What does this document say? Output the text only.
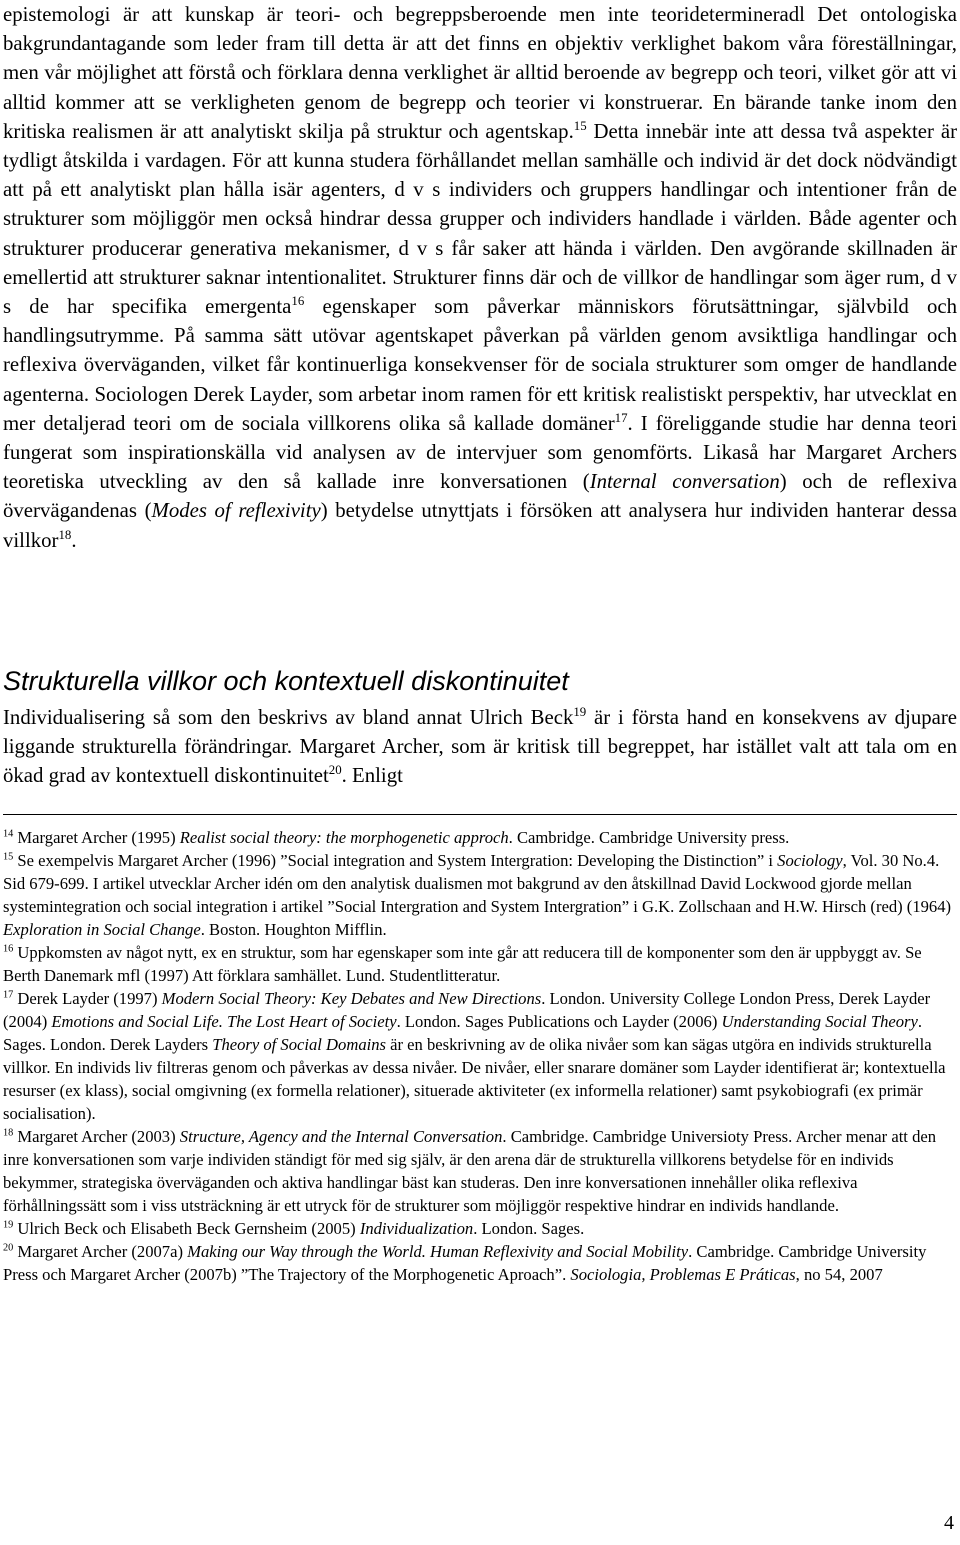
epistemologi är att kunskap är teori- och begreppsberoende men inte teoridetermineradl Det ontologiska bakgrundantagande som leder fram till detta är att det finns en objektiv verklighet bakom våra föreställningar, men vår möjlighet att förstå och förklara denna verklighet är alltid beroende av begrepp och teori, vilket gör att vi alltid kommer att se verkligheten genom de begrepp och teorier vi konstruerar. En bärande tanke inom den kritiska realismen är att analytiskt skilja på struktur och agentskap.$^{15}$ Detta innebär inte att dessa två aspekter är tydligt åtskilda i vardagen. För att kunna studera förhållandet mellan samhälle och individ är det dock nödvändigt att på ett analytiskt plan hålla isär agenters, d v s individers och gruppers handlingar och intentioner från de strukturer som möjliggör men också hindrar dessa grupper och individers handlade i världen. Både agenter och strukturer producerar generativa mekanismer, d v s får saker att hända i världen. Den avgörande skillnaden är emellertid att strukturer saknar intentionalitet. Strukturer finns där och de villkor de handlingar som äger rum, d v s de har specifika emergenta$^{16}$ egenskaper som påverkar människors förutsättningar, självbild och handlingsutrymme. På samma sätt utövar agentskapet påverkan på världen genom avsiktliga handlingar och reflexiva överväganden, vilket får kontinuerliga konsekvenser för de sociala strukturer som omger de handlande agenterna. Sociologen Derek Layder, som arbetar inom ramen för ett kritisk realistiskt perspektiv, har utvecklat en mer detaljerad teori om de sociala villkorens olika så kallade domäner$^{17}$. I föreliggande studie har denna teori fungerat som inspirationskälla vid analysen av de intervjuer som genomförts. Likaså har Margaret Archers teoretiska utveckling av den så kallade inre konversationen (Internal conversation) och de reflexiva övervägandenas (Modes of reflexivity) betydelse utnyttjats i försöken att analysera hur individen hanterar dessa villkor$^{18}$.

Strukturella villkor och kontextuell diskontinuitet

Individualisering så som den beskrivs av bland annat Ulrich Beck$^{19}$ är i första hand en konsekvens av djupare liggande strukturella förändringar. Margaret Archer, som är kritisk till begreppet, har istället valt att tala om en ökad grad av kontextuell diskontinuitet$^{20}$. Enligt

$^{14}$ Margaret Archer (1995) Realist social theory: the morphogenetic approch. Cambridge. Cambridge University press.

$^{15}$ Se exempelvis Margaret Archer (1996) ”Social integration and System Intergration: Developing the Distinction” i Sociology, Vol. 30 No.4. Sid 679-699. I artikel utvecklar Archer idén om den analytisk dualismen mot bakgrund av den åtskillnad David Lockwood gjorde mellan systemintegration och social integration i artikel ”Social Intergration and System Intergration” i G.K. Zollschaan and H.W. Hirsch (red) (1964) Exploration in Social Change. Boston. Houghton Mifflin.

$^{16}$ Uppkomsten av något nytt, ex en struktur, som har egenskaper som inte går att reducera till de komponenter som den är uppbyggt av. Se Berth Danemark mfl (1997) Att förklara samhället. Lund. Studentlitteratur.

$^{17}$ Derek Layder (1997) Modern Social Theory: Key Debates and New Directions. London. University College London Press, Derek Layder (2004) Emotions and Social Life. The Lost Heart of Society. London. Sages Publications och Layder (2006) Understanding Social Theory. Sages. London. Derek Layders Theory of Social Domains är en beskrivning av de olika nivåer som kan sägas utgöra en individs strukturella villkor. En individs liv filtreras genom och påverkas av dessa nivåer. De nivåer, eller snarare domäner som Layder identifierat är; kontextuella resurser (ex klass), social omgivning (ex formella relationer), situerade aktiviteter (ex informella relationer) samt psykobiografi (ex primär socialisation).

$^{18}$ Margaret Archer (2003) Structure, Agency and the Internal Conversation. Cambridge. Cambridge Universioty Press. Archer menar att den inre konversationen som varje individen ständigt för med sig själv, är den arena där de strukturella villkorens betydelse för en individs bekymmer, strategiska överväganden och aktiva handlingar bäst kan studeras. Den inre konversationen innehåller olika reflexiva förhållningssätt som i viss utsträckning är ett utryck för de strukturer som möjliggör respektive hindrar en individs handlande.

$^{19}$ Ulrich Beck och Elisabeth Beck Gernsheim (2005) Individualization. London. Sages.

$^{20}$ Margaret Archer (2007a) Making our Way through the World. Human Reflexivity and Social Mobility. Cambridge. Cambridge University Press och Margaret Archer (2007b) ”The Trajectory of the Morphogenetic Aproach”. Sociologia, Problemas E Práticas, no 54, 2007

4
